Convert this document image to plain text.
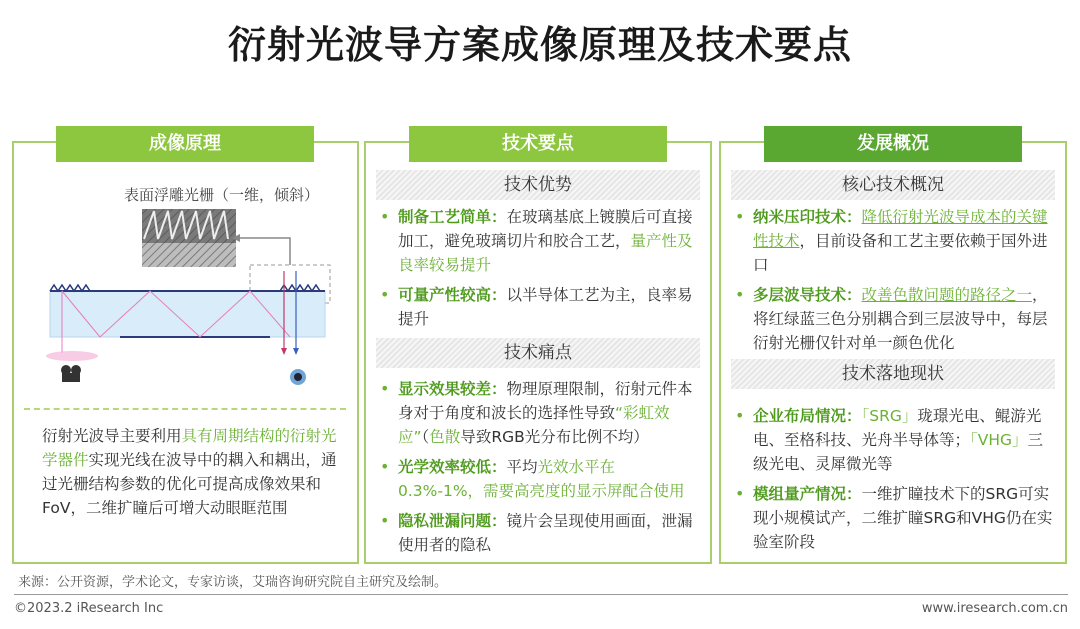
衍射光波导方案成像原理及技术要点
成像原理
表面浮雕光栅（一维，倾斜）
衍射光波导主要利用具有周期结构的衍射光学器件实现光线在波导中的耦入和耦出，通过光栅结构参数的优化可提高成像效果和FoV，二维扩瞳后可增大动眼眶范围
技术要点
技术优势
• 制备工艺简单：在玻璃基底上镀膜后可直接加工，避免玻璃切片和胶合工艺，量产性及良率较易提升
• 可量产性较高：以半导体工艺为主，良率易提升
技术痛点
• 显示效果较差：物理原理限制，衍射元件本身对于角度和波长的选择性导致“彩虹效应”（色散导致RGB光分布比例不均）
• 光学效率较低：平均光效水平在0.3%-1%，需要高亮度的显示屏配合使用
• 隐私泄漏问题：镜片会呈现使用画面，泄漏使用者的隐私
发展概况
核心技术概况
• 纳米压印技术：降低衍射光波导成本的关键性技术，目前设备和工艺主要依赖于国外进口
• 多层波导技术：改善色散问题的路径之一，将红绿蓝三色分别耦合到三层波导中，每层衍射光栅仅针对单一颜色优化
技术落地现状
• 企业布局情况：「SRG」珑璟光电、鲲游光电、至格科技、光舟半导体等；「VHG」三级光电、灵犀微光等
• 模组量产情况：一维扩瞳技术下的SRG可实现小规模试产，二维扩瞳SRG和VHG仍在实验室阶段
来源：公开资源，学术论文，专家访谈，艾瑞咨询研究院自主研究及绘制。
©2023.2 iResearch Inc	www.iresearch.com.cn
